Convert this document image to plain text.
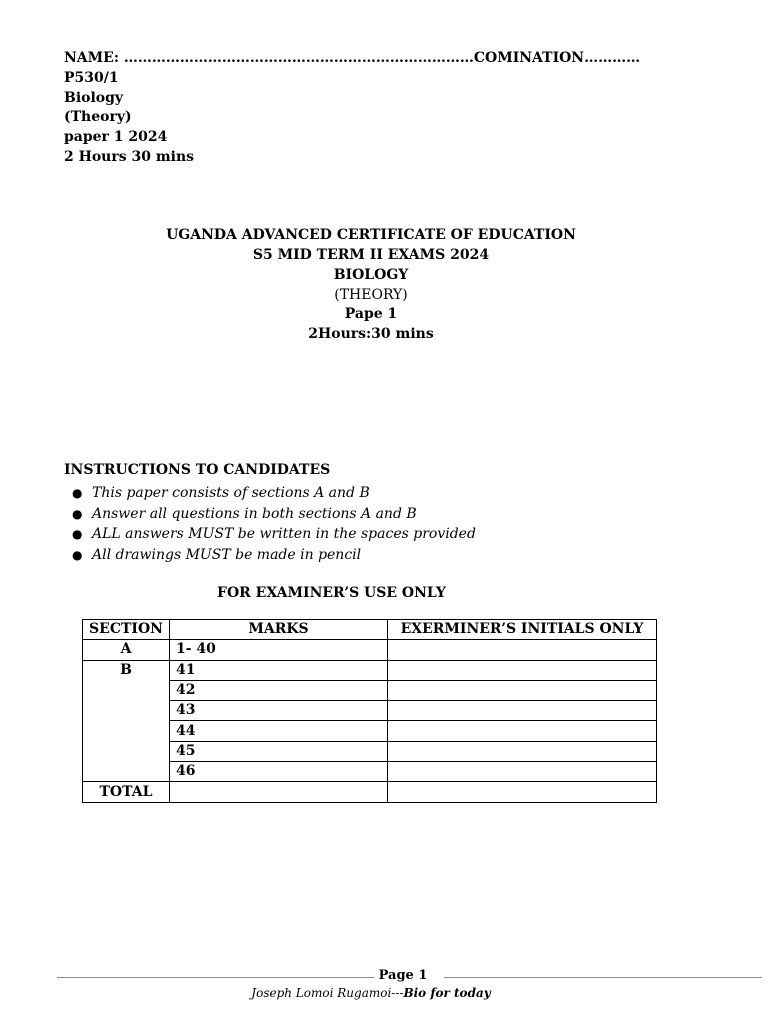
NAME: …………………………………………………………………COMINATION…………
P530/1
Biology
(Theory)
paper 1 2024
2 Hours 30 mins
UGANDA ADVANCED CERTIFICATE OF EDUCATION
S5 MID TERM II EXAMS 2024
BIOLOGY
(THEORY)
Pape 1
2Hours:30 mins
INSTRUCTIONS TO CANDIDATES
● This paper consists of sections A and B
● Answer all questions in both sections A and B
● ALL answers MUST be written in the spaces provided
● All drawings MUST be made in pencil
FOR EXAMINER’S USE ONLY
SECTION	MARKS	EXERMINER’S INITIALS ONLY
A	1- 40	
B	41	
	42	
	43	
	44	
	45	
	46	
TOTAL		
Page 1
Joseph Lomoi Rugamoi---Bio for today
